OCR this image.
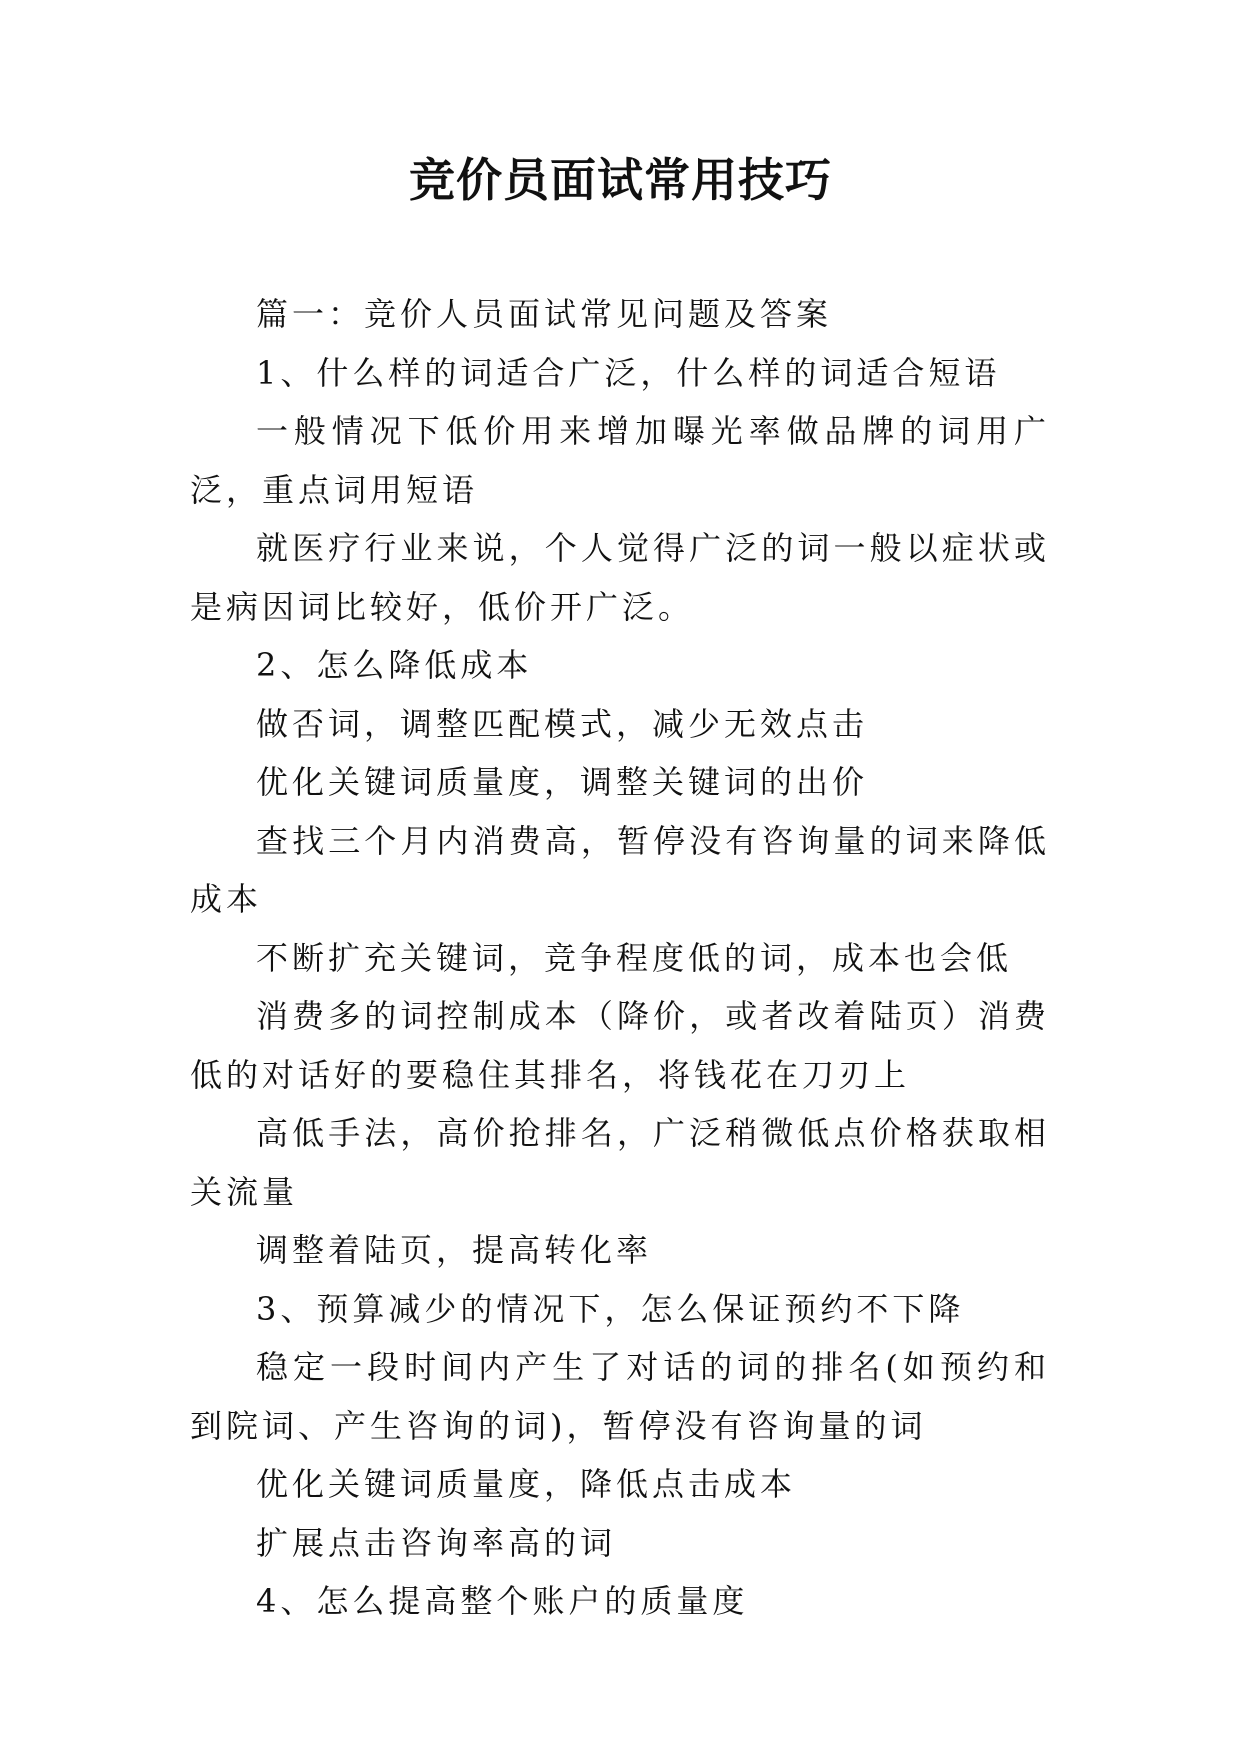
竞价员面试常用技巧

篇一：竞价人员面试常见问题及答案

1、什么样的词适合广泛，什么样的词适合短语

一般情况下低价用来增加曝光率做品牌的词用广泛，重点词用短语

就医疗行业来说，个人觉得广泛的词一般以症状或是病因词比较好，低价开广泛。

2、怎么降低成本

做否词，调整匹配模式，减少无效点击

优化关键词质量度，调整关键词的出价

查找三个月内消费高，暂停没有咨询量的词来降低成本

不断扩充关键词，竞争程度低的词，成本也会低

消费多的词控制成本（降价，或者改着陆页）消费低的对话好的要稳住其排名，将钱花在刀刃上

高低手法，高价抢排名，广泛稍微低点价格获取相关流量

调整着陆页，提高转化率

3、预算减少的情况下，怎么保证预约不下降

稳定一段时间内产生了对话的词的排名(如预约和到院词、产生咨询的词)，暂停没有咨询量的词

优化关键词质量度，降低点击成本

扩展点击咨询率高的词

4、怎么提高整个账户的质量度
